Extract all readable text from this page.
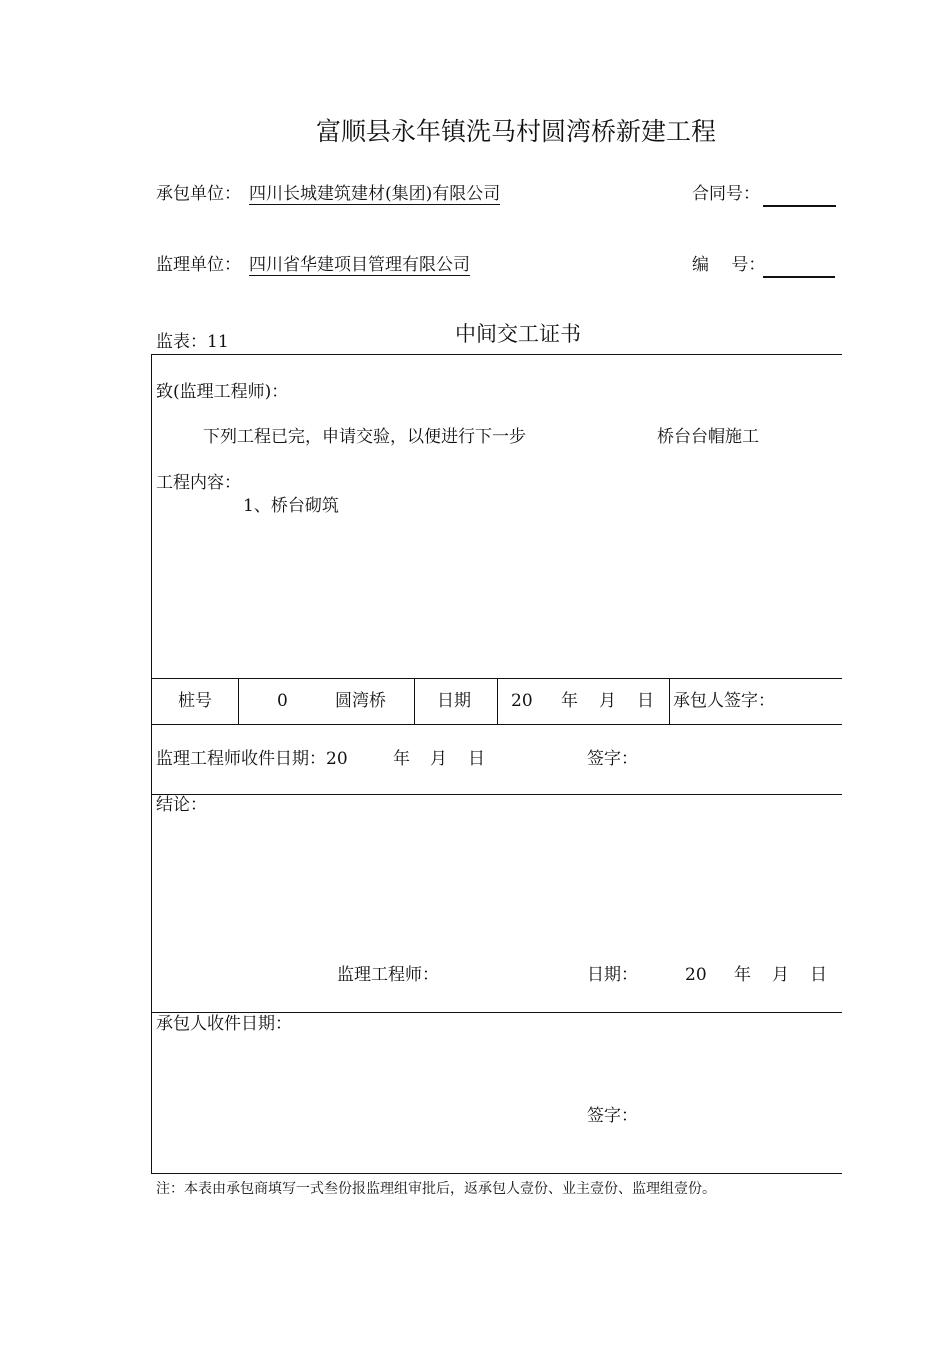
富顺县永年镇洗马村圆湾桥新建工程
承包单位： 四川长城建筑建材(集团)有限公司	合同号：
监理单位： 四川省华建项目管理有限公司	编　 号：
监表：11	中间交工证书
致(监理工程师)：
下列工程已完，申请交验，以便进行下一步	桥台台帽施工
工程内容：
1、桥台砌筑
桩号	0	圆湾桥	日期 20 年 月 日 承包人签字：
监理工程师收件日期：20	年 月 日	签字：
结论：
监理工程师：	日期：	20 年 月 日
承包人收件日期：
签字：
注：本表由承包商填写一式叁份报监理组审批后，返承包人壹份、业主壹份、监理组壹份。
